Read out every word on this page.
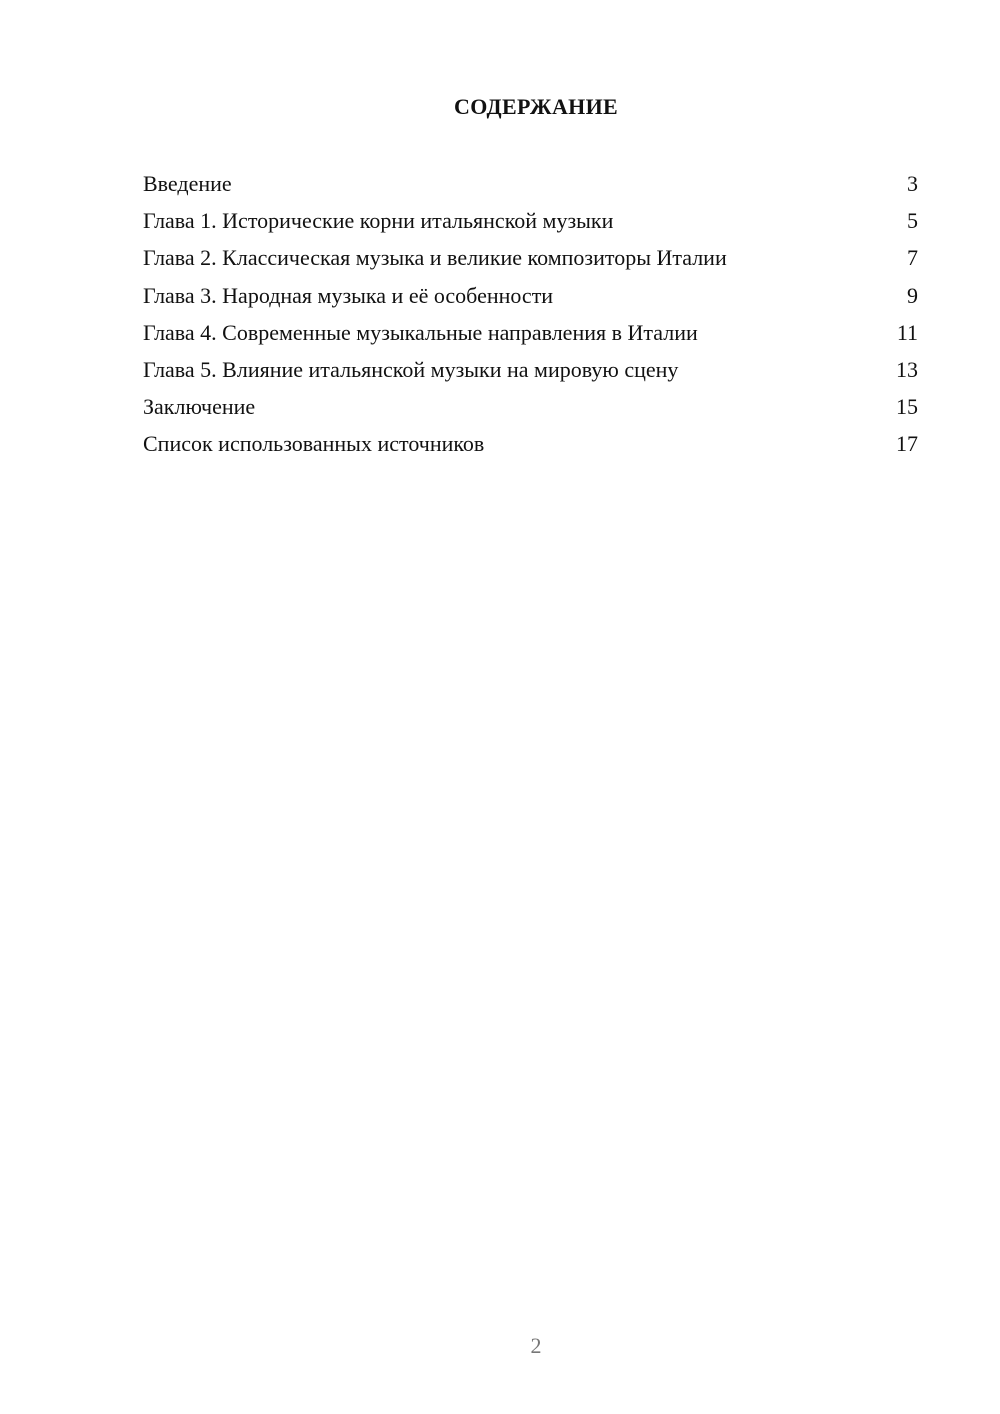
СОДЕРЖАНИЕ
Введение	3
Глава 1. Исторические корни итальянской музыки	5
Глава 2. Классическая музыка и великие композиторы Италии	7
Глава 3. Народная музыка и её особенности	9
Глава 4. Современные музыкальные направления в Италии	11
Глава 5. Влияние итальянской музыки на мировую сцену	13
Заключение	15
Список использованных источников	17
2
